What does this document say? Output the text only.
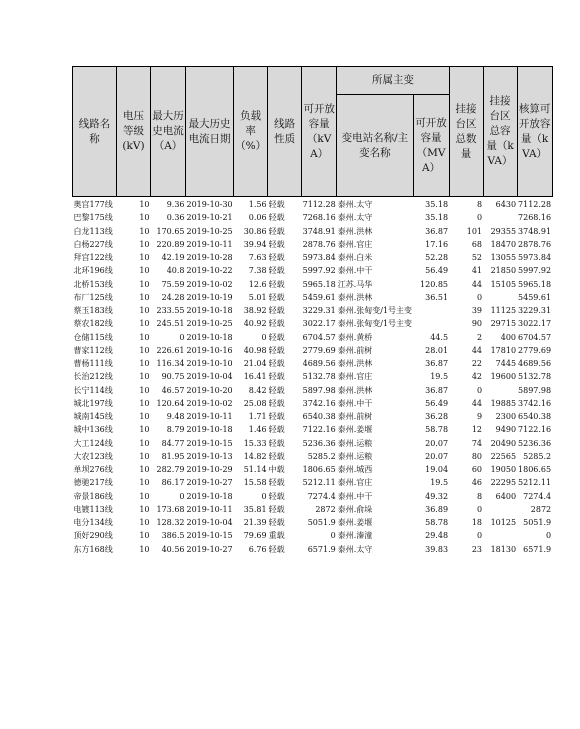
线路名称	电压等级(kV)	最大历史电流（A）	最大历史电流日期	负载率（%）	线路性质	可开放容量（kVA）	所属主变		挂接台区总数量	挂接台区总容量（kVA）	核算可开放容量（kVA）
							变电站名称/主变名称	可开放容量（MVA）			
奥宫177线	10	9.36	2019-10-30	1.56	轻载	7112.28	泰州.太守	35.18	8	6430	7112.28
巴黎175线	10	0.36	2019-10-21	0.06	轻载	7268.16	泰州.太守	35.18	0		7268.16
白龙113线	10	170.65	2019-10-25	30.86	轻载	3748.91	泰州.洪林	36.87	101	29355	3748.91
白杨227线	10	220.89	2019-10-11	39.94	轻载	2878.76	泰州.官庄	17.16	68	18470	2878.76
拜宫122线	10	42.19	2019-10-28	7.63	轻载	5973.84	泰州.白米	52.28	52	13055	5973.84
北环196线	10	40.8	2019-10-22	7.38	轻载	5997.92	泰州.中干	56.49	41	21850	5997.92
北桥153线	10	75.59	2019-10-02	12.6	轻载	5965.18	江苏.马华	120.85	44	15105	5965.18
布厂125线	10	24.28	2019-10-19	5.01	轻载	5459.61	泰州.洪林	36.51	0		5459.61
蔡玉183线	10	233.55	2019-10-18	38.92	轻载	3229.31	泰州.张甸变/1号主变		39	11125	3229.31
蔡农182线	10	245.51	2019-10-25	40.92	轻载	3022.17	泰州.张甸变/1号主变		90	29715	3022.17
仓储115线	10	0	2019-10-18	0	轻载	6704.57	泰州.黄桥	44.5	2	400	6704.57
曹家112线	10	226.61	2019-10-16	40.98	轻载	2779.69	泰州.前树	28.01	44	17810	2779.69
曹杨111线	10	116.34	2019-10-10	21.04	轻载	4689.56	泰州.洪林	36.87	22	7445	4689.56
长治212线	10	90.75	2019-10-04	16.41	轻载	5132.78	泰州.官庄	19.5	42	19600	5132.78
长宁114线	10	46.57	2019-10-20	8.42	轻载	5897.98	泰州.洪林	36.87	0		5897.98
城北197线	10	120.64	2019-10-02	25.08	轻载	3742.16	泰州.中干	56.49	44	19885	3742.16
城南145线	10	9.48	2019-10-11	1.71	轻载	6540.38	泰州.前树	36.28	9	2300	6540.38
城中136线	10	8.79	2019-10-18	1.46	轻载	7122.16	泰州.姜堰	58.78	12	9490	7122.16
大工124线	10	84.77	2019-10-15	15.33	轻载	5236.36	泰州.运粮	20.07	74	20490	5236.36
大农123线	10	81.95	2019-10-13	14.82	轻载	5285.2	泰州.运粮	20.07	80	22565	5285.2
单坝276线	10	282.79	2019-10-29	51.14	中载	1806.65	泰州.城西	19.04	60	19050	1806.65
德驰217线	10	86.17	2019-10-27	15.58	轻载	5212.11	泰州.官庄	19.5	46	22295	5212.11
帝景186线	10	0	2019-10-18	0	轻载	7274.4	泰州.中干	49.32	8	6400	7274.4
电镀113线	10	173.68	2019-10-11	35.81	轻载	2872	泰州.俞垛	36.89	0		2872
电分134线	10	128.32	2019-10-04	21.39	轻载	5051.9	泰州.姜堰	58.78	18	10125	5051.9
顶好290线	10	386.5	2019-10-15	79.69	重载	0	泰州.溱潼	29.48	0		0
东方168线	10	40.56	2019-10-27	6.76	轻载	6571.9	泰州.太守	39.83	23	18130	6571.9
